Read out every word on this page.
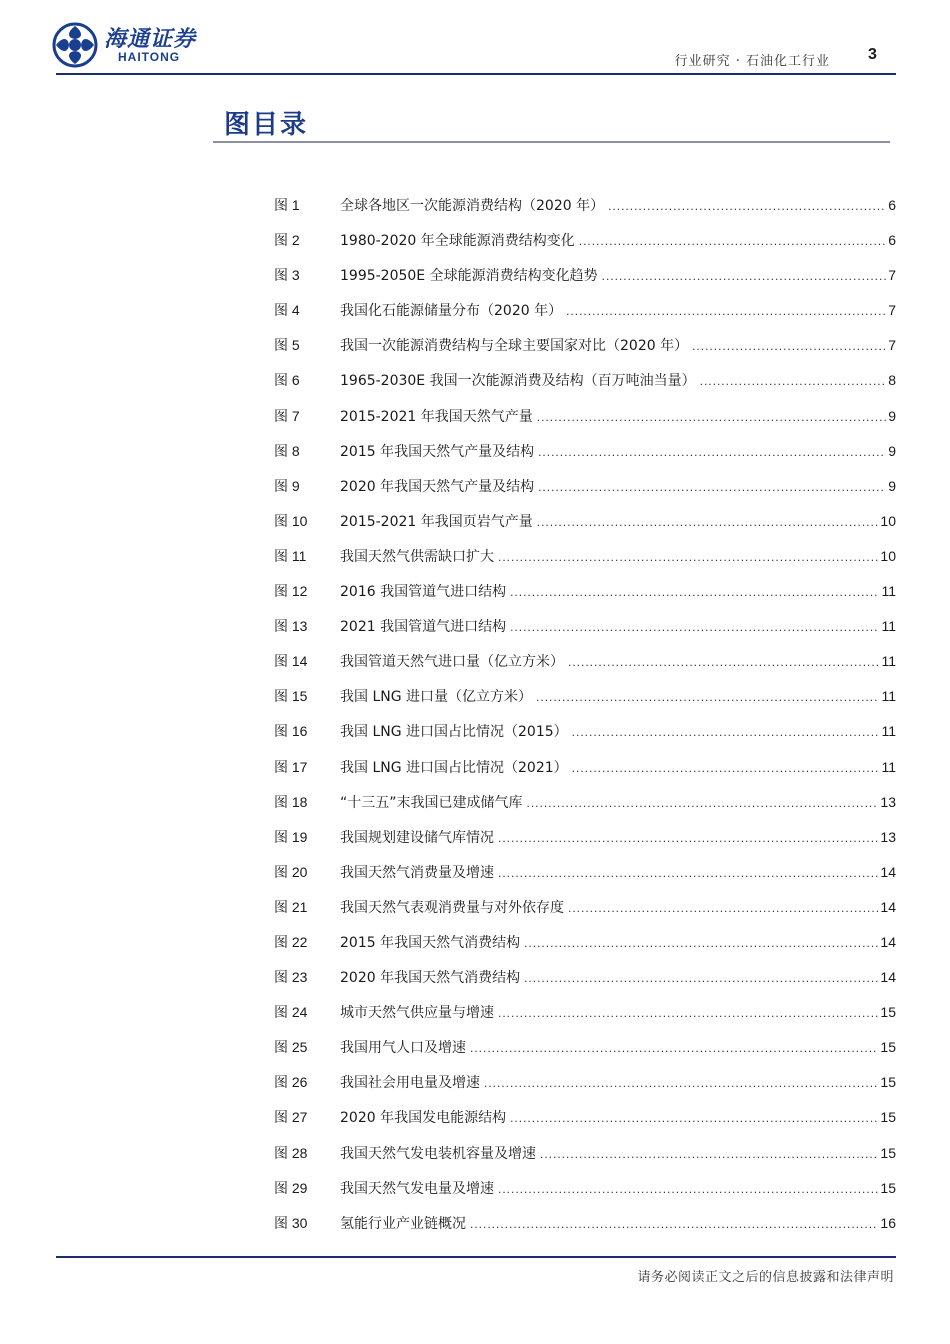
海通证券
HAITONG	行业研究 · 石油化工行业 3
图目录
图 1	全球各地区一次能源消费结构（2020 年） .....	6
图 2	1980-2020 年全球能源消费结构变化 .....	6
图 3	1995-2050E 全球能源消费结构变化趋势 .....	7
图 4	我国化石能源储量分布（2020 年） .....	7
图 5	我国一次能源消费结构与全球主要国家对比（2020 年） .....	7
图 6	1965-2030E 我国一次能源消费及结构（百万吨油当量） .....	8
图 7	2015-2021 年我国天然气产量 .....	9
图 8	2015 年我国天然气产量及结构 .....	9
图 9	2020 年我国天然气产量及结构 .....	9
图 10	2015-2021 年我国页岩气产量 .....	10
图 11	我国天然气供需缺口扩大 .....	10
图 12	2016 我国管道气进口结构 .....	11
图 13	2021 我国管道气进口结构 .....	11
图 14	我国管道天然气进口量（亿立方米） .....	11
图 15	我国 LNG 进口量（亿立方米） .....	11
图 16	我国 LNG 进口国占比情况（2015） .....	11
图 17	我国 LNG 进口国占比情况（2021） .....	11
图 18	“十三五”末我国已建成储气库 .....	13
图 19	我国规划建设储气库情况 .....	13
图 20	我国天然气消费量及增速 .....	14
图 21	我国天然气表观消费量与对外依存度 .....	14
图 22	2015 年我国天然气消费结构 .....	14
图 23	2020 年我国天然气消费结构 .....	14
图 24	城市天然气供应量与增速 .....	15
图 25	我国用气人口及增速 .....	15
图 26	我国社会用电量及增速 .....	15
图 27	2020 年我国发电能源结构 .....	15
图 28	我国天然气发电装机容量及增速 .....	15
图 29	我国天然气发电量及增速 .....	15
图 30	氢能行业产业链概况 .....	16
请务必阅读正文之后的信息披露和法律声明
